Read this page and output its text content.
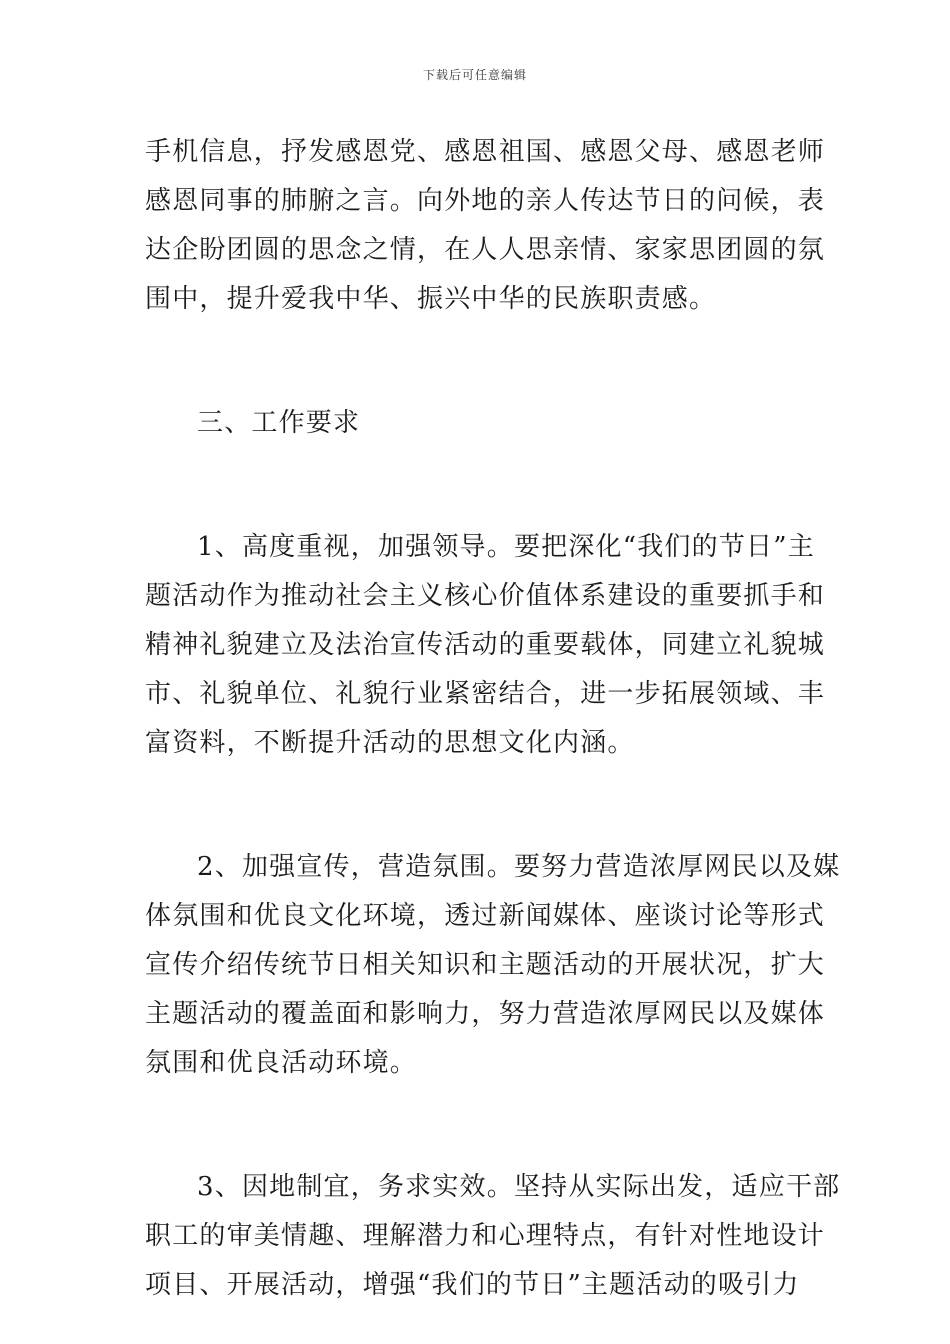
下载后可任意编辑
手机信息，抒发感恩党、感恩祖国、感恩父母、感恩老师
感恩同事的肺腑之言。向外地的亲人传达节日的问候，表
达企盼团圆的思念之情，在人人思亲情、家家思团圆的氛
围中，提升爱我中华、振兴中华的民族职责感。
三、工作要求
1、高度重视，加强领导。要把深化“我们的节日”主
题活动作为推动社会主义核心价值体系建设的重要抓手和
精神礼貌建立及法治宣传活动的重要载体，同建立礼貌城
市、礼貌单位、礼貌行业紧密结合，进一步拓展领域、丰
富资料，不断提升活动的思想文化内涵。
2、加强宣传，营造氛围。要努力营造浓厚网民以及媒
体氛围和优良文化环境，透过新闻媒体、座谈讨论等形式
宣传介绍传统节日相关知识和主题活动的开展状况，扩大
主题活动的覆盖面和影响力，努力营造浓厚网民以及媒体
氛围和优良活动环境。
3、因地制宜，务求实效。坚持从实际出发，适应干部
职工的审美情趣、理解潜力和心理特点，有针对性地设计
项目、开展活动，增强“我们的节日”主题活动的吸引力
